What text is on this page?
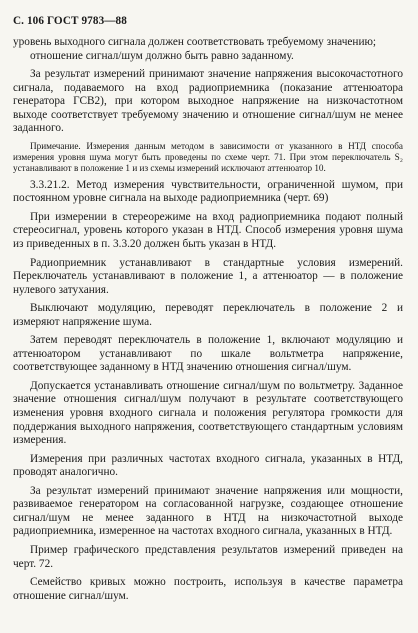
С. 106 ГОСТ 9783—88

уровень выходного сигнала должен соответствовать требуемому значению;

отношение сигнал/шум должно быть равно заданному.

За результат измерений принимают значение напряжения высокочастотного сигнала, подаваемого на вход радиоприемника (показание аттенюатора генератора ГСВ2), при котором выходное напряжение на низкочастотном выходе соответствует требуемому значению и отношение сигнал/шум не менее заданного.

Примечание. Измерения данным методом в зависимости от указанного в НТД способа измерения уровня шума могут быть проведены по схеме черт. 71. При этом переключатель S₂ устанавливают в положение 1 и из схемы измерений исключают аттенюатор 10.

3.3.21.2. Метод измерения чувствительности, ограниченной шумом, при постоянном уровне сигнала на выходе радиоприемника (черт. 69)

При измерении в стереорежиме на вход радиоприемника подают полный стереосигнал, уровень которого указан в НТД. Способ измерения уровня шума из приведенных в п. 3.3.20 должен быть указан в НТД.

Радиоприемник устанавливают в стандартные условия измерений. Переключатель устанавливают в положение 1, а аттенюатор — в положение нулевого затухания.

Выключают модуляцию, переводят переключатель в положение 2 и измеряют напряжение шума.

Затем переводят переключатель в положение 1, включают модуляцию и аттенюатором устанавливают по шкале вольтметра напряжение, соответствующее заданному в НТД значению отношения сигнал/шум.

Допускается устанавливать отношение сигнал/шум по вольтметру. Заданное значение отношения сигнал/шум получают в результате соответствующего изменения уровня входного сигнала и положения регулятора громкости для поддержания выходного напряжения, соответствующего стандартным условиям измерения.

Измерения при различных частотах входного сигнала, указанных в НТД, проводят аналогично.

За результат измерений принимают значение напряжения или мощности, развиваемое генератором на согласованной нагрузке, создающее отношение сигнал/шум не менее заданного в НТД на низкочастотной выходе радиоприемника, измеренное на частотах входного сигнала, указанных в НТД.

Пример графического представления результатов измерений приведен на черт. 72.

Семейство кривых можно построить, используя в качестве параметра отношение сигнал/шум.
